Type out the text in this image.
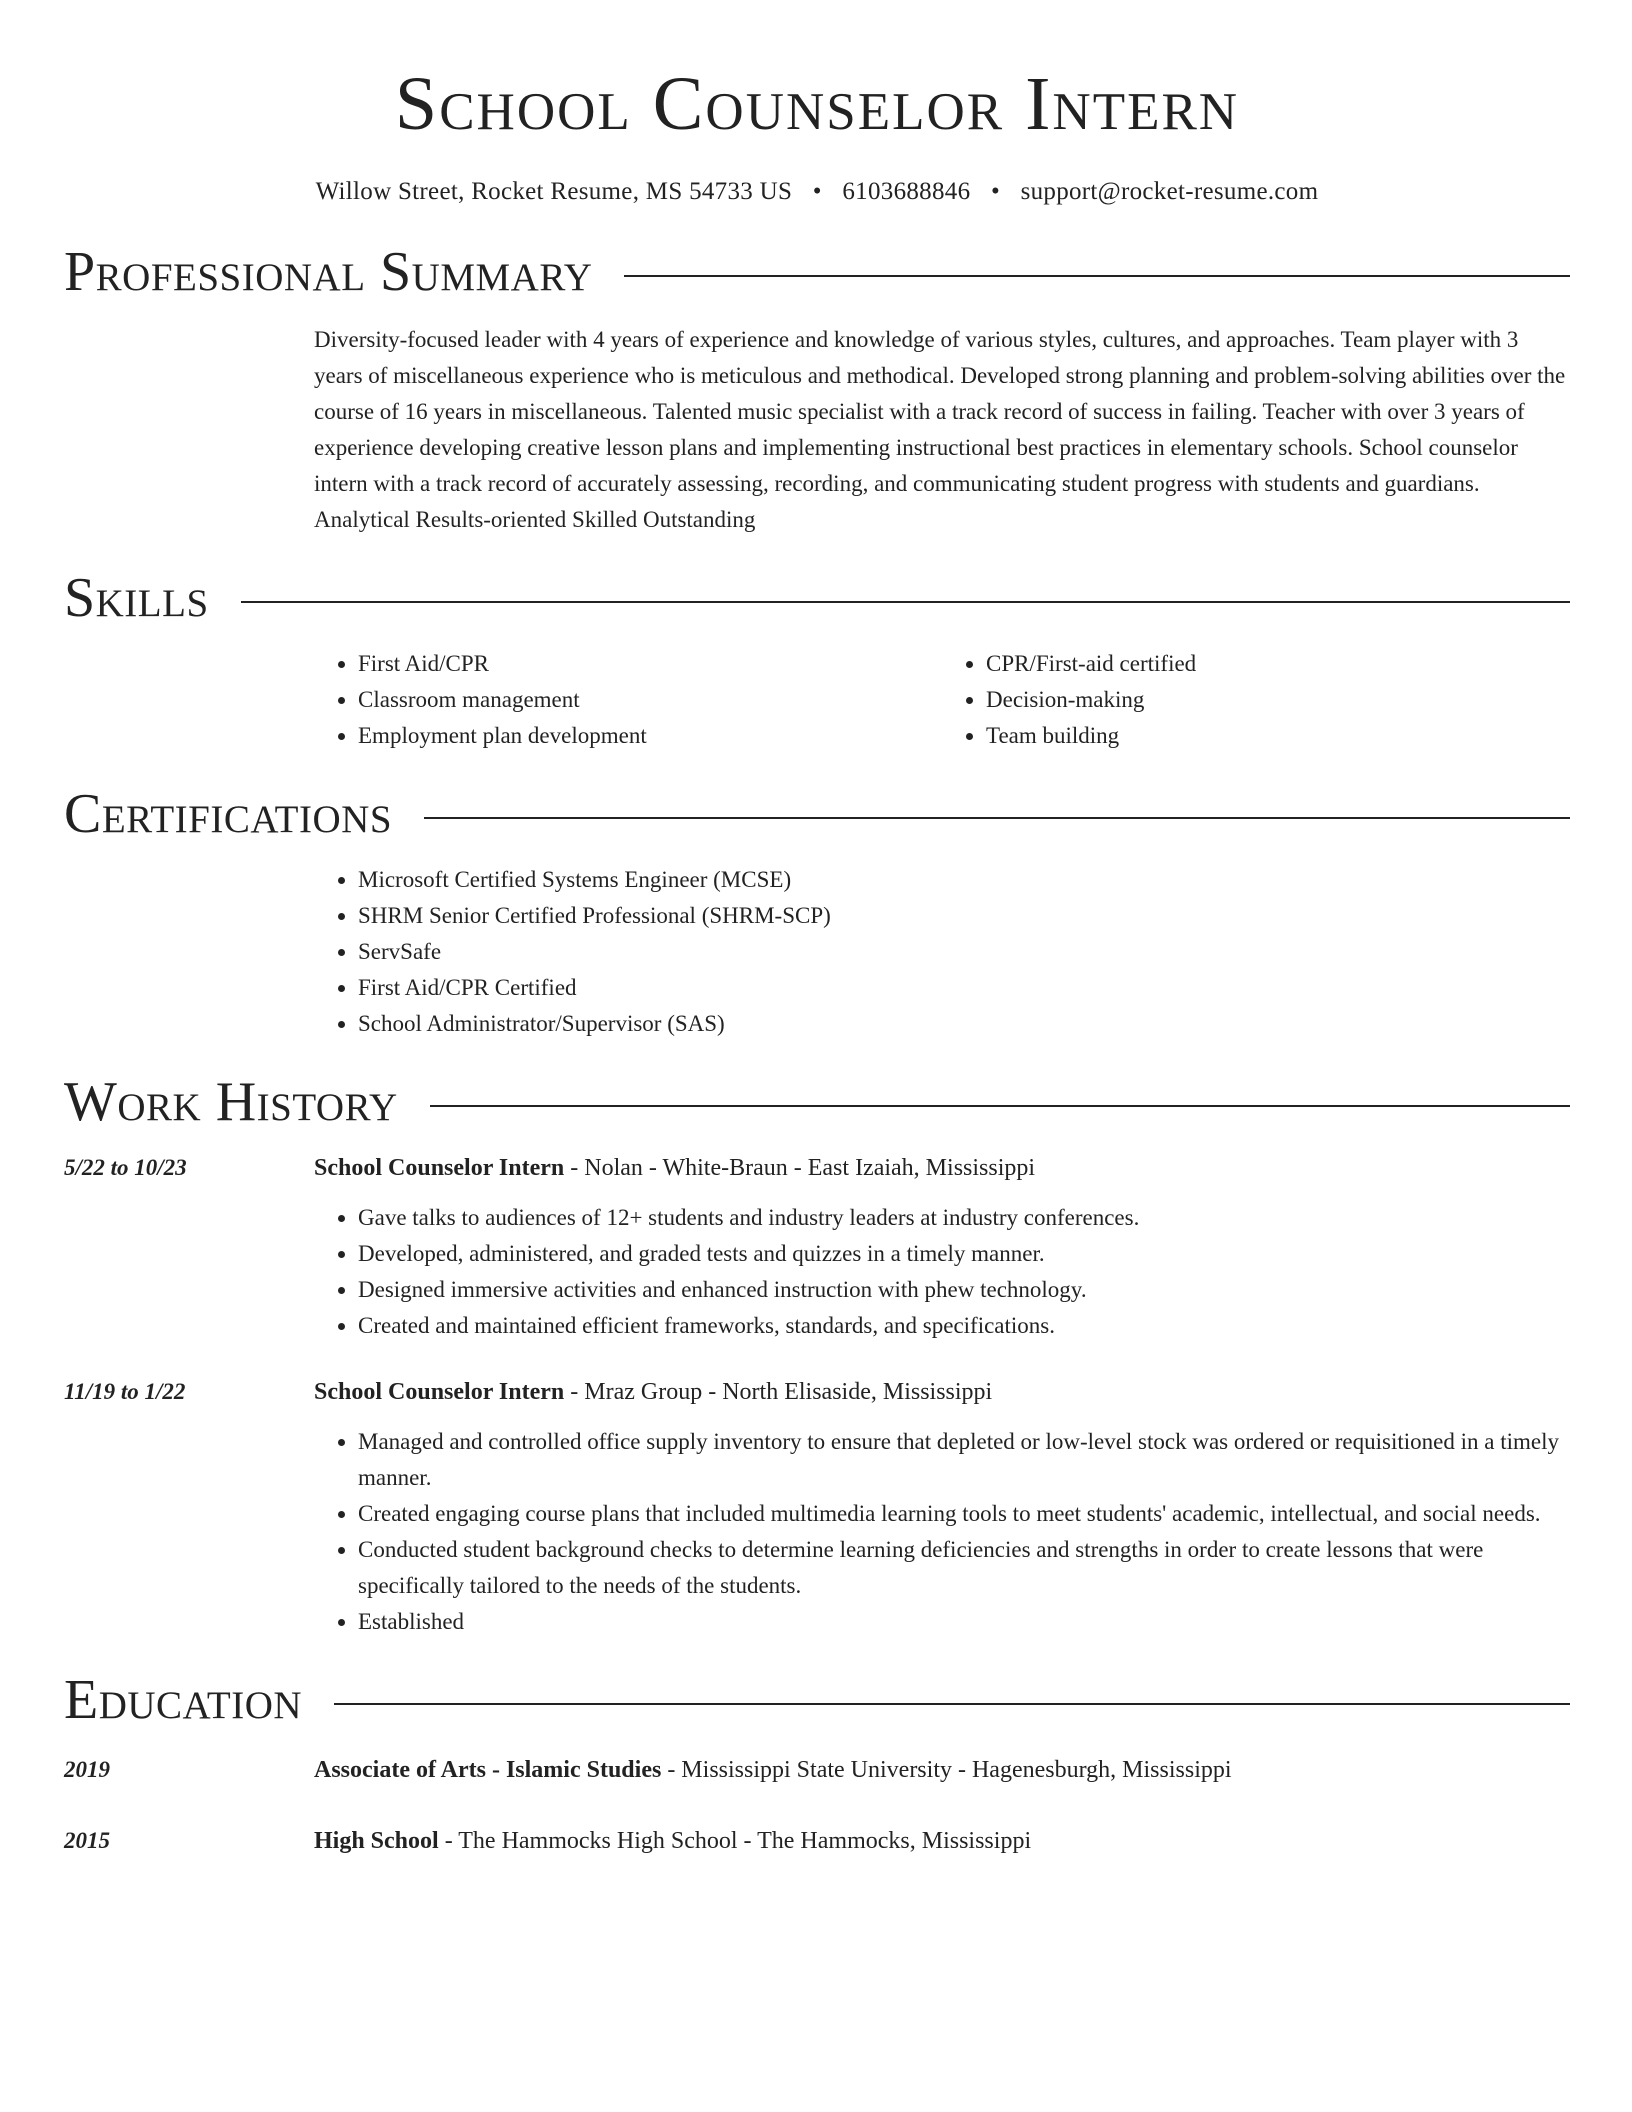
School Counselor Intern
Willow Street, Rocket Resume, MS 54733 US • 6103688846 • support@rocket-resume.com
Professional Summary
Diversity-focused leader with 4 years of experience and knowledge of various styles, cultures, and approaches. Team player with 3 years of miscellaneous experience who is meticulous and methodical. Developed strong planning and problem-solving abilities over the course of 16 years in miscellaneous. Talented music specialist with a track record of success in failing. Teacher with over 3 years of experience developing creative lesson plans and implementing instructional best practices in elementary schools. School counselor intern with a track record of accurately assessing, recording, and communicating student progress with students and guardians. Analytical Results-oriented Skilled Outstanding
Skills
• First Aid/CPR
• Classroom management
• Employment plan development
• CPR/First-aid certified
• Decision-making
• Team building
Certifications
• Microsoft Certified Systems Engineer (MCSE)
• SHRM Senior Certified Professional (SHRM-SCP)
• ServSafe
• First Aid/CPR Certified
• School Administrator/Supervisor (SAS)
Work History
5/22 to 10/23	School Counselor Intern - Nolan - White-Braun - East Izaiah, Mississippi
• Gave talks to audiences of 12+ students and industry leaders at industry conferences.
• Developed, administered, and graded tests and quizzes in a timely manner.
• Designed immersive activities and enhanced instruction with phew technology.
• Created and maintained efficient frameworks, standards, and specifications.
11/19 to 1/22	School Counselor Intern - Mraz Group - North Elisaside, Mississippi
• Managed and controlled office supply inventory to ensure that depleted or low-level stock was ordered or requisitioned in a timely manner.
• Created engaging course plans that included multimedia learning tools to meet students' academic, intellectual, and social needs.
• Conducted student background checks to determine learning deficiencies and strengths in order to create lessons that were specifically tailored to the needs of the students.
• Established
Education
2019	Associate of Arts - Islamic Studies - Mississippi State University - Hagenesburgh, Mississippi
2015	High School - The Hammocks High School - The Hammocks, Mississippi
